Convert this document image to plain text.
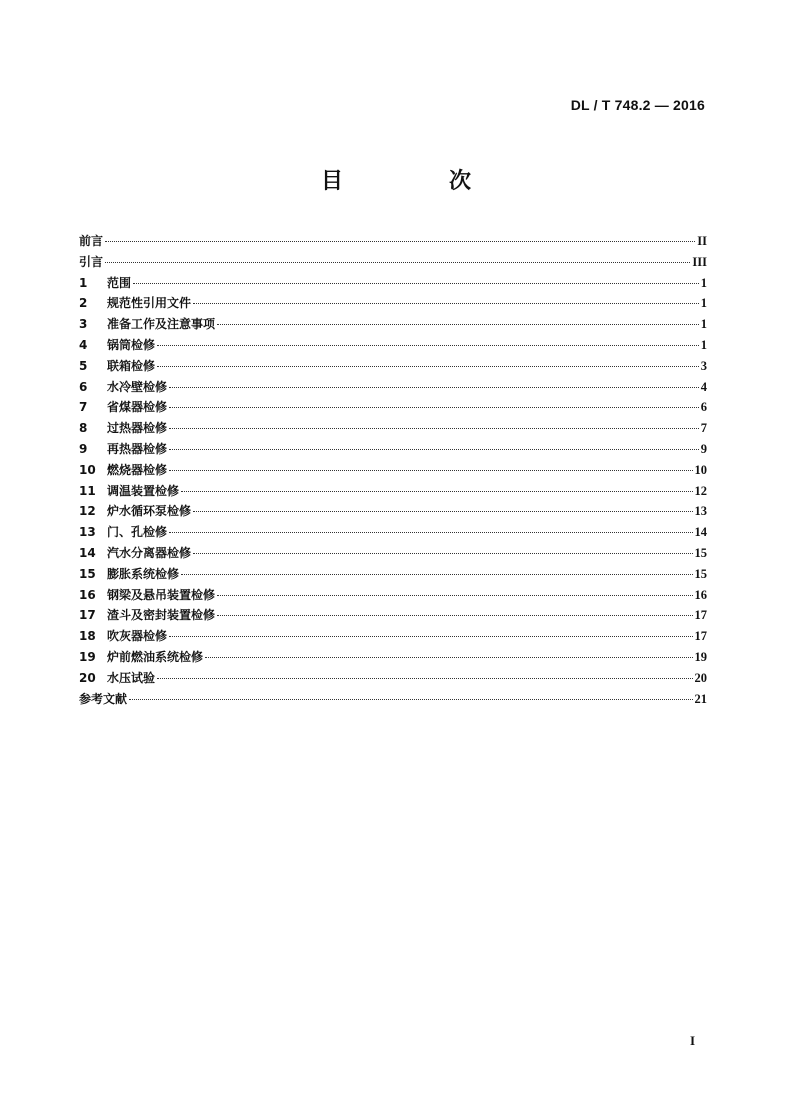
DL / T 748.2 — 2016
目　次
前言	II
引言	III
1	范围	1
2	规范性引用文件	1
3	准备工作及注意事项	1
4	锅筒检修	1
5	联箱检修	3
6	水冷壁检修	4
7	省煤器检修	6
8	过热器检修	7
9	再热器检修	9
10 燃烧器检修	10
11 调温装置检修	12
12 炉水循环泵检修	13
13 门、孔检修	14
14 汽水分离器检修	15
15 膨胀系统检修	15
16 钢梁及悬吊装置检修	16
17 渣斗及密封装置检修	17
18 吹灰器检修	17
19 炉前燃油系统检修	19
20 水压试验	20
参考文献	21
I
